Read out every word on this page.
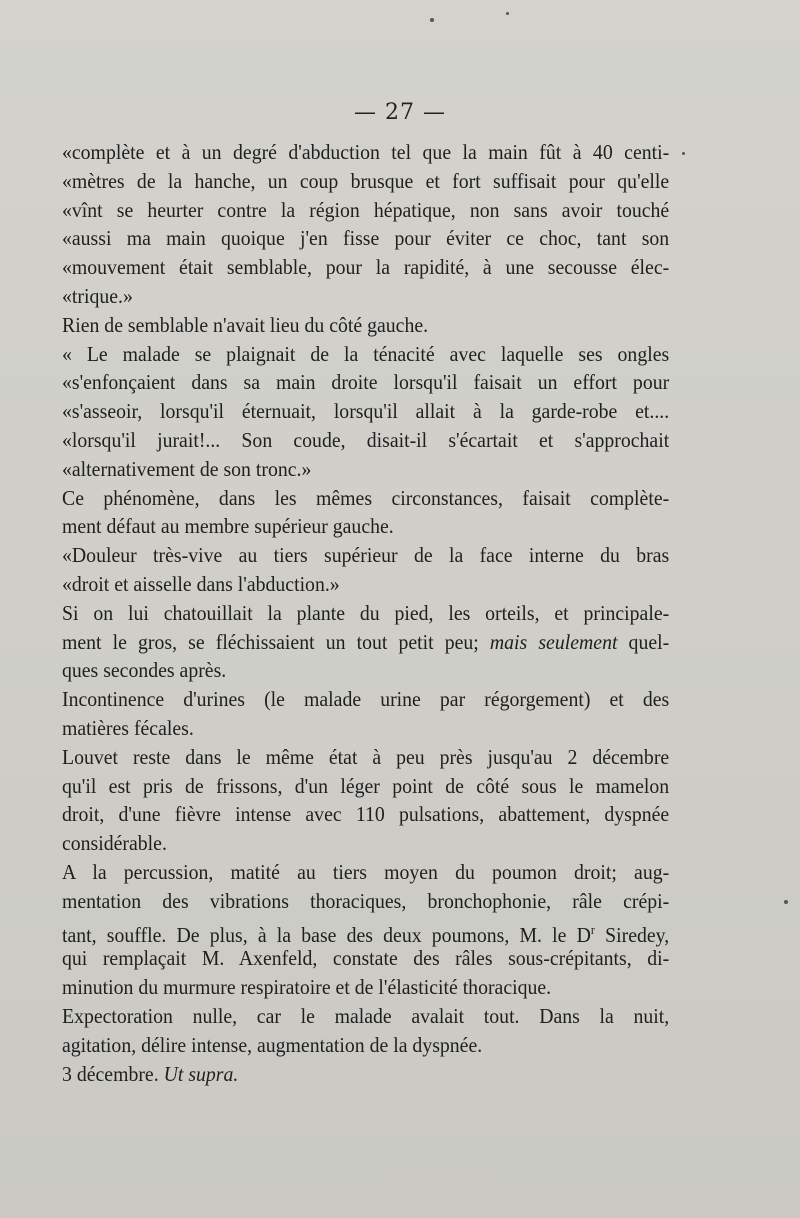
— 27 —
«complète et à un degré d'abduction tel que la main fût à 40 centi-
«mètres de la hanche, un coup brusque et fort suffisait pour qu'elle
«vînt se heurter contre la région hépatique, non sans avoir touché
«aussi ma main quoique j'en fisse pour éviter ce choc, tant son
«mouvement était semblable, pour la rapidité, à une secousse élec-
«trique.»
Rien de semblable n'avait lieu du côté gauche.
« Le malade se plaignait de la ténacité avec laquelle ses ongles
«s'enfonçaient dans sa main droite lorsqu'il faisait un effort pour
«s'asseoir, lorsqu'il éternuait, lorsqu'il allait à la garde-robe et....
«lorsqu'il jurait!... Son coude, disait-il s'écartait et s'approchait
«alternativement de son tronc.»
Ce phénomène, dans les mêmes circonstances, faisait complète-
ment défaut au membre supérieur gauche.
«Douleur très-vive au tiers supérieur de la face interne du bras
«droit et aisselle dans l'abduction.»
Si on lui chatouillait la plante du pied, les orteils, et principale-
ment le gros, se fléchissaient un tout petit peu; mais seulement quel-
ques secondes après.
Incontinence d'urines (le malade urine par régorgement) et des
matières fécales.
Louvet reste dans le même état à peu près jusqu'au 2 décembre
qu'il est pris de frissons, d'un léger point de côté sous le mamelon
droit, d'une fièvre intense avec 110 pulsations, abattement, dyspnée
considérable.
A la percussion, matité au tiers moyen du poumon droit; aug-
mentation des vibrations thoraciques, bronchophonie, râle crépi-
tant, souffle. De plus, à la base des deux poumons, M. le $D^r$ Siredey,
qui remplaçait M. Axenfeld, constate des râles sous-crépitants, di-
minution du murmure respiratoire et de l'élasticité thoracique.
Expectoration nulle, car le malade avalait tout. Dans la nuit,
agitation, délire intense, augmentation de la dyspnée.
3 décembre. Ut supra.
